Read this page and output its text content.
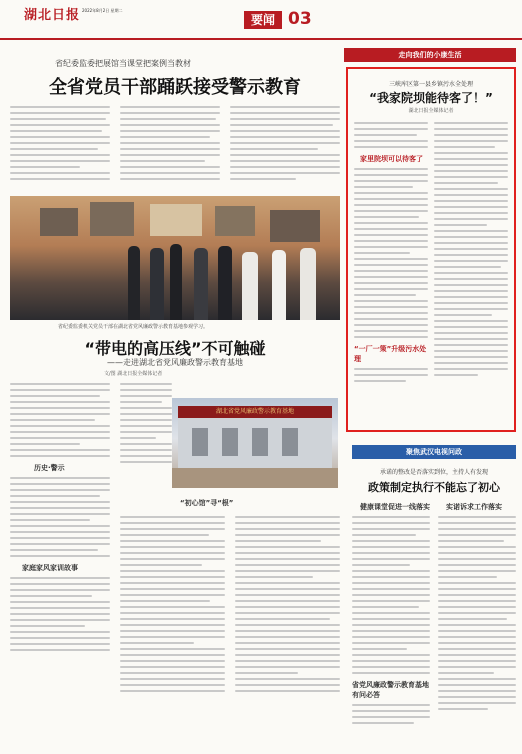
湖北日报 2022年8月2日 星期二
要闻 03
省纪委监委把展馆当课堂把案例当教材
全省党员干部踊跃接受警示教育
省纪委监委机关党员干部在湖北省党风廉政警示教育基地参观学习。
“带电的高压线”不可触碰
——走进湖北省党风廉政警示教育基地
文/图 湖北日报全媒体记者
历史·警示
家庭家风家训故事
“初心馆”寻“根”
湖北省党风廉政警示教育基地
走向我们的小康生活
三峡库区第一县乡镇污水全处理
“我家院坝能待客了！”
湖北日报全媒体记者
家里院坝可以待客了
“一厂一策”升级污水处理
聚焦武汉电视问政
承诺的整改是否落实到位，主持人有发现
政策制定执行不能忘了初心
健康课堂促进一线落实
省党风廉政警示教育基地有问必答
实诺诉求工作落实
